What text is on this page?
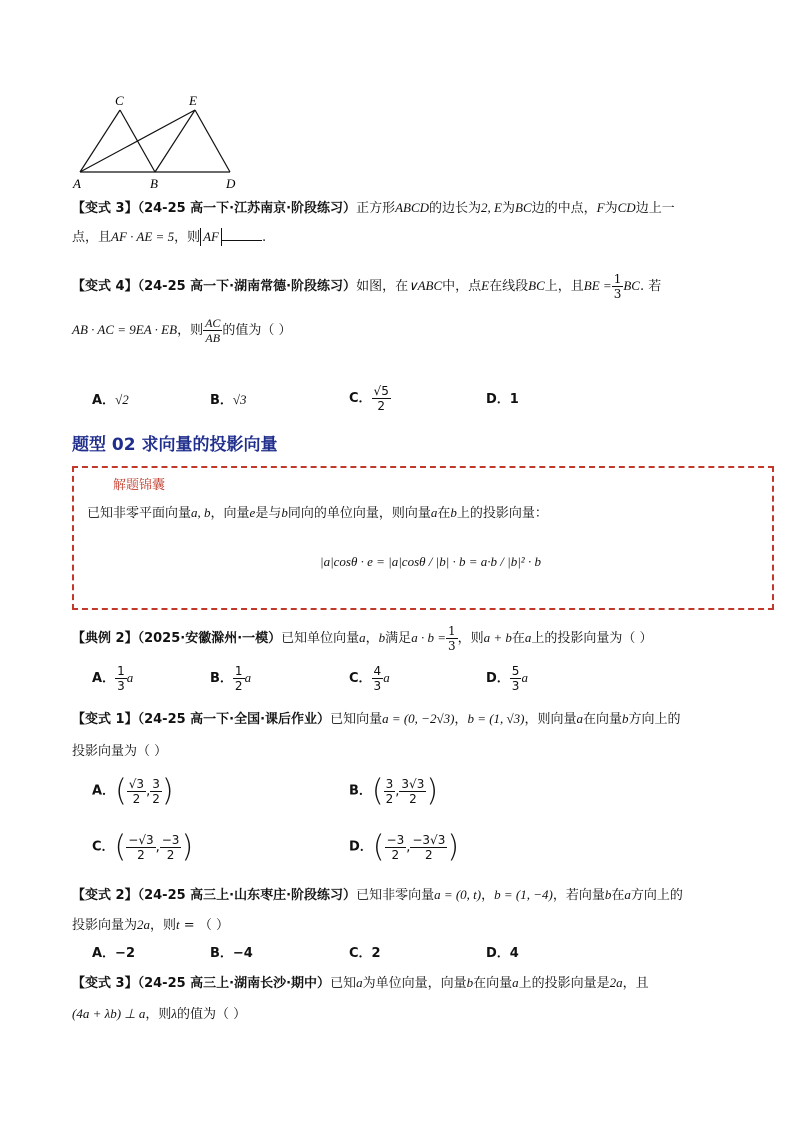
C	E
A	B	D
【变式 3】（24-25 高一下·江苏南京·阶段练习）正方形ABCD的边长为2, E为BC边的中点，F为CD边上一
点，且AF · AE = 5，则 AF	.
【变式 4】（24-25 高一下·湖南常德·阶段练习）如图，在∨ABC中，点E在线段BC上，且BE = $\frac{1}{3}$ BC. 若
AB · AC = 9EA · EB，则 $\frac{AC}{AB}$ 的值为（ ）
A．√2	B．√3	C． $\frac{√5}{2}$	D．1
题型 02 求向量的投影向量
解题锦囊
已知非零平面向量a, b，向量e是与b同向的单位向量，则向量a在b上的投影向量：
|a|cosθ · e = |a|cosθ / |b| · b = a·b / |b|² · b
【典例 2】（2025·安徽滁州·一模）已知单位向量a，b满足$a \cdot b = \frac{1}{3}$ ，则a + b在a上的投影向量为（ ）
A． $\frac{1}{3}$ a	B． $\frac{1}{2}$ a	C． $\frac{4}{3}$ a	D． $\frac{5}{3}$ a
【变式 1】（24-25 高一下·全国·课后作业）已知向量a = (0, −2√3)，b = (1, √3)，则向量a在向量b方向上的
投影向量为（ ）
A．( $\frac{√3}{2}$ , $\frac{3}{2}$ )	B．( $\frac{3}{2}$ , $\frac{3√3}{2}$ )
C．( $\frac{-√3}{2}$ , $\frac{-3}{2}$ )	D．( $\frac{-3}{2}$ , $\frac{-3√3}{2}$ )
【变式 2】（24-25 高三上·山东枣庄·阶段练习）已知非零向量a = (0, t)，b = (1, −4)，若向量b在a方向上的
投影向量为2a，则t = （ ）
A．−2	B．−4	C．2	D．4
【变式 3】（24-25 高三上·湖南长沙·期中）已知a为单位向量，向量b在向量a上的投影向量是2a，且
(4a + λb) ⊥ a，则λ的值为（ ）
